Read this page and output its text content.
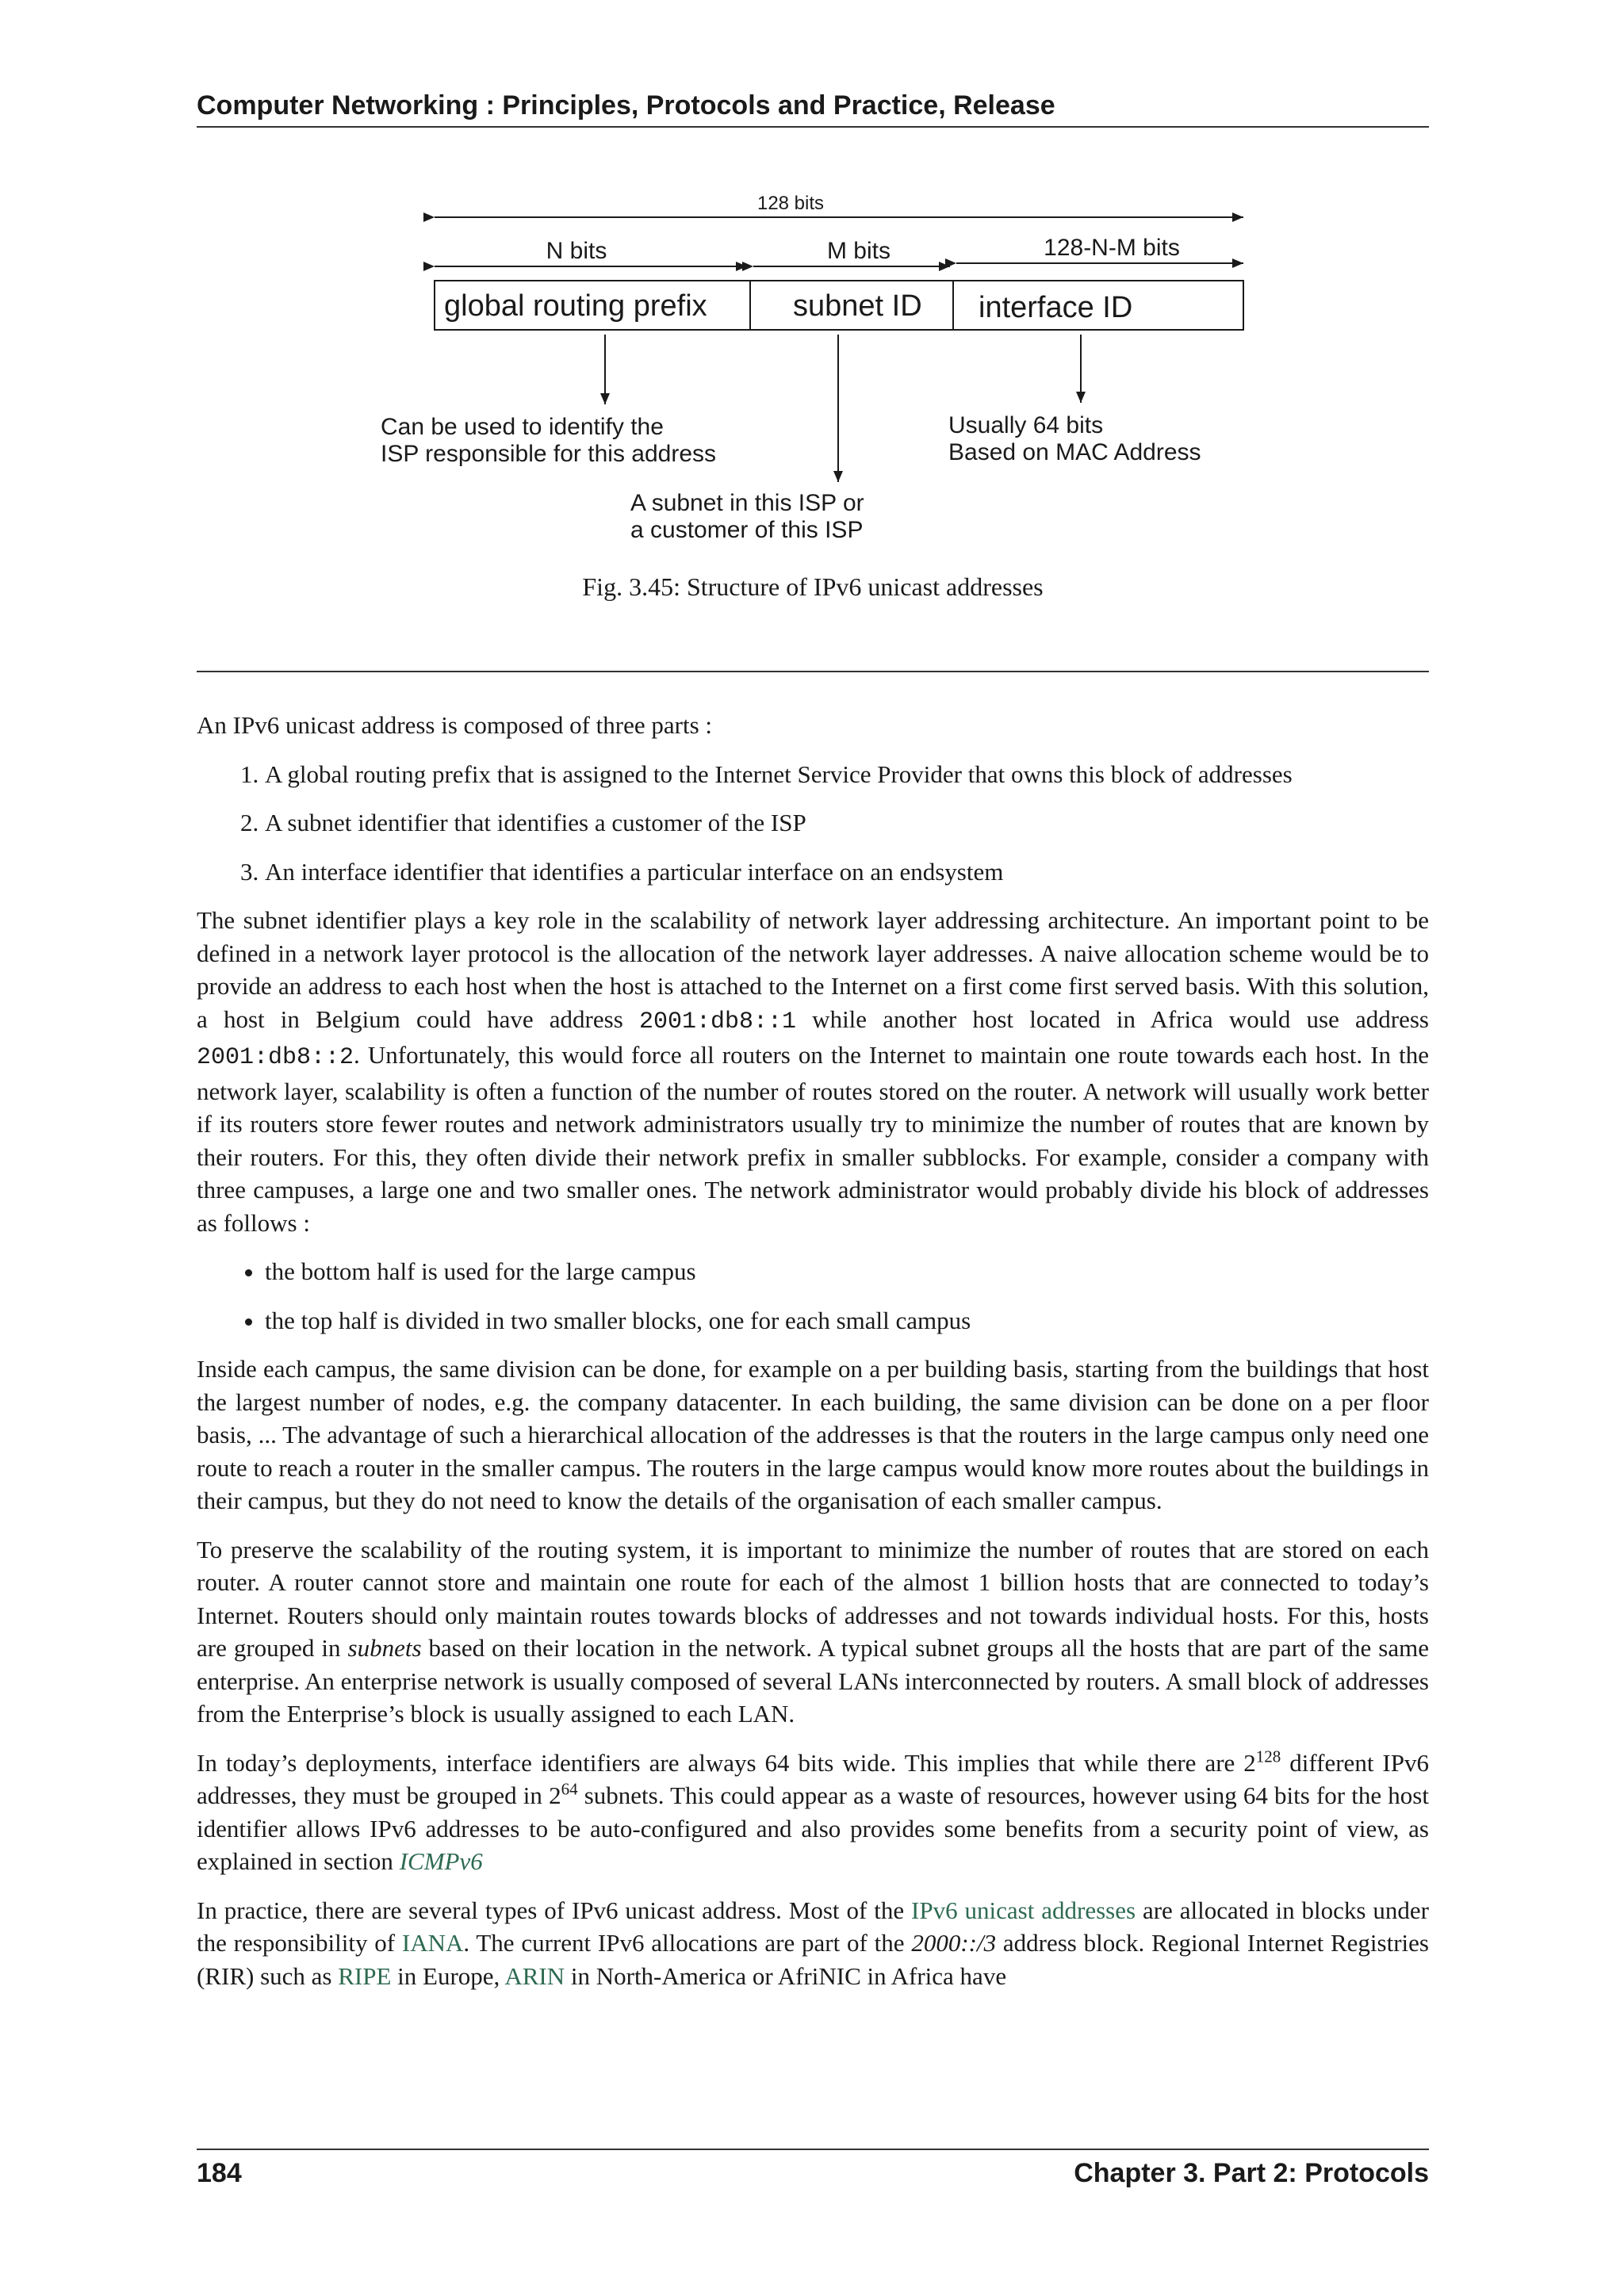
Computer Networking : Principles, Protocols and Practice, Release
128 bits
N bits	M bits	128-N-M bits
global routing prefix	subnet ID interface ID
Can be used to identify the
ISP responsible for this address
Usually 64 bits
Based on MAC Address
A subnet in this ISP or
a customer of this ISP
Fig. 3.45: Structure of IPv6 unicast addresses

An IPv6 unicast address is composed of three parts :

1. A global routing prefix that is assigned to the Internet Service Provider that owns this block of addresses
2. A subnet identifier that identifies a customer of the ISP
3. An interface identifier that identifies a particular interface on an endsystem

The subnet identifier plays a key role in the scalability of network layer addressing architecture. An important point to be defined in a network layer protocol is the allocation of the network layer addresses. A naive allocation scheme would be to provide an address to each host when the host is attached to the Internet on a first come first served basis. With this solution, a host in Belgium could have address 2001:db8::1 while another host located in Africa would use address 2001:db8::2. Unfortunately, this would force all routers on the Internet to maintain one route towards each host. In the network layer, scalability is often a function of the number of routes stored on the router. A network will usually work better if its routers store fewer routes and network administrators usually try to minimize the number of routes that are known by their routers. For this, they often divide their network prefix in smaller subblocks. For example, consider a company with three campuses, a large one and two smaller ones. The network administrator would probably divide his block of addresses as follows :

• the bottom half is used for the large campus
• the top half is divided in two smaller blocks, one for each small campus

Inside each campus, the same division can be done, for example on a per building basis, starting from the buildings that host the largest number of nodes, e.g. the company datacenter. In each building, the same division can be done on a per floor basis, ... The advantage of such a hierarchical allocation of the addresses is that the routers in the large campus only need one route to reach a router in the smaller campus. The routers in the large campus would know more routes about the buildings in their campus, but they do not need to know the details of the organisation of each smaller campus.

To preserve the scalability of the routing system, it is important to minimize the number of routes that are stored on each router. A router cannot store and maintain one route for each of the almost 1 billion hosts that are connected to today’s Internet. Routers should only maintain routes towards blocks of addresses and not towards individual hosts. For this, hosts are grouped in subnets based on their location in the network. A typical subnet groups all the hosts that are part of the same enterprise. An enterprise network is usually composed of several LANs interconnected by routers. A small block of addresses from the Enterprise’s block is usually assigned to each LAN.

In today’s deployments, interface identifiers are always 64 bits wide. This implies that while there are $2^{128}$ different IPv6 addresses, they must be grouped in $2^{64}$ subnets. This could appear as a waste of resources, however using 64 bits for the host identifier allows IPv6 addresses to be auto-configured and also provides some benefits from a security point of view, as explained in section ICMPv6

In practice, there are several types of IPv6 unicast address. Most of the IPv6 unicast addresses are allocated in blocks under the responsibility of IANA. The current IPv6 allocations are part of the 2000::/3 address block. Regional Internet Registries (RIR) such as RIPE in Europe, ARIN in North-America or AfriNIC in Africa have

184	Chapter 3. Part 2: Protocols
